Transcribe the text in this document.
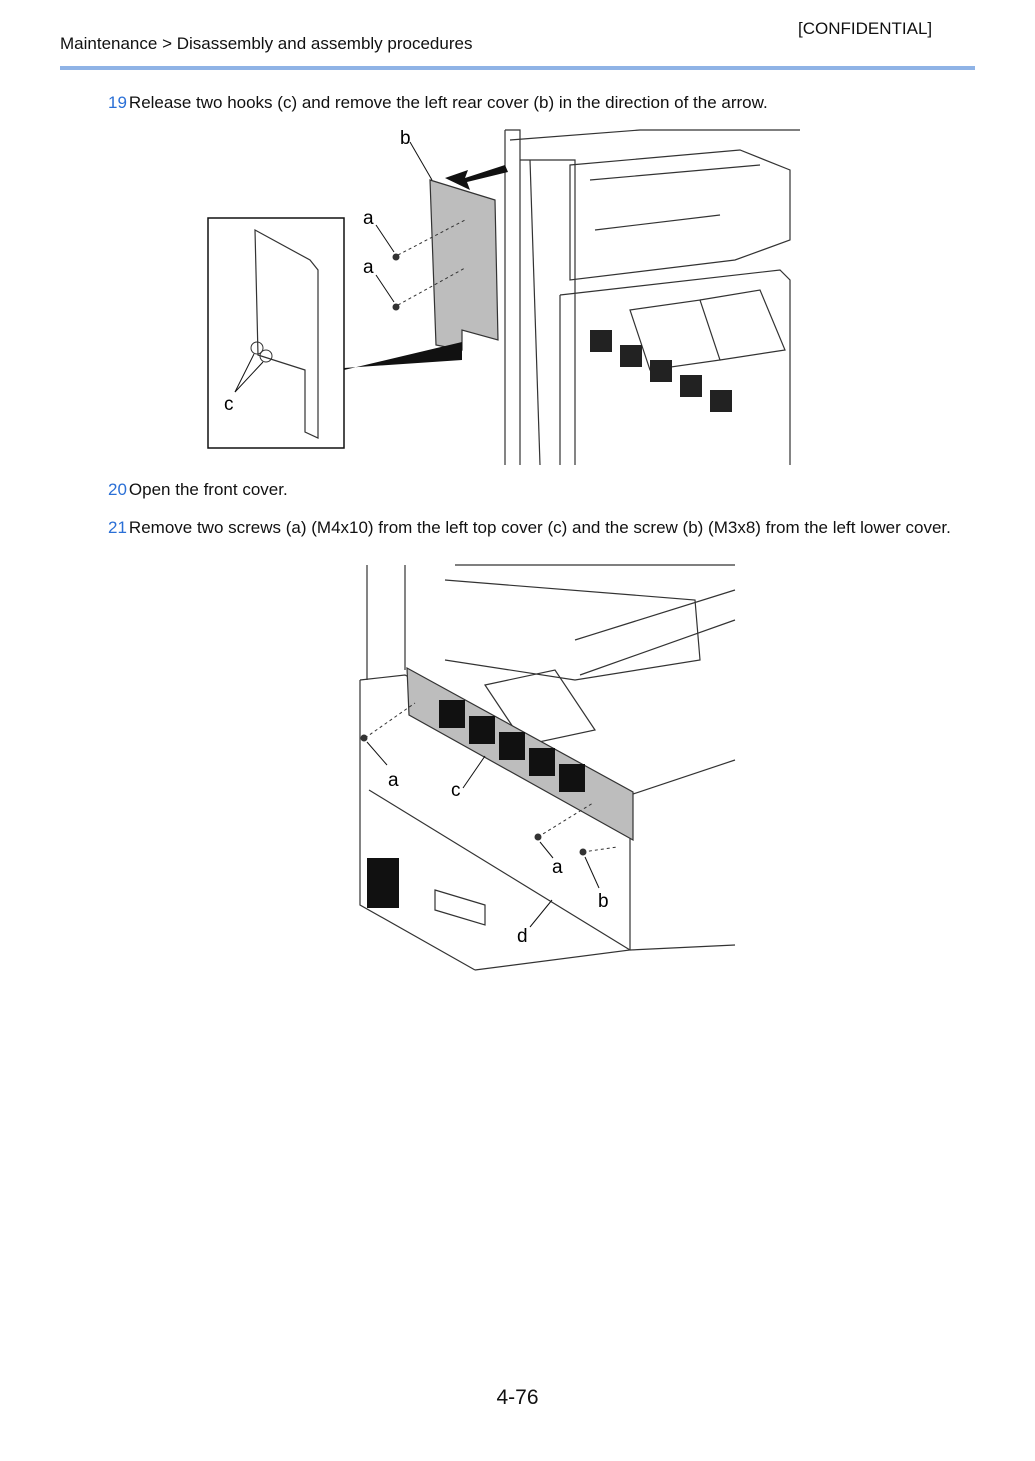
[CONFIDENTIAL]
Maintenance > Disassembly and assembly procedures
19 Release two hooks (c) and remove the left rear cover (b) in the direction of the arrow.
b
a
a
c
20 Open the front cover.
21 Remove two screws (a) (M4x10) from the left top cover (c) and the screw (b) (M3x8) from the left lower cover.
a	c
a
b
d
4-76
